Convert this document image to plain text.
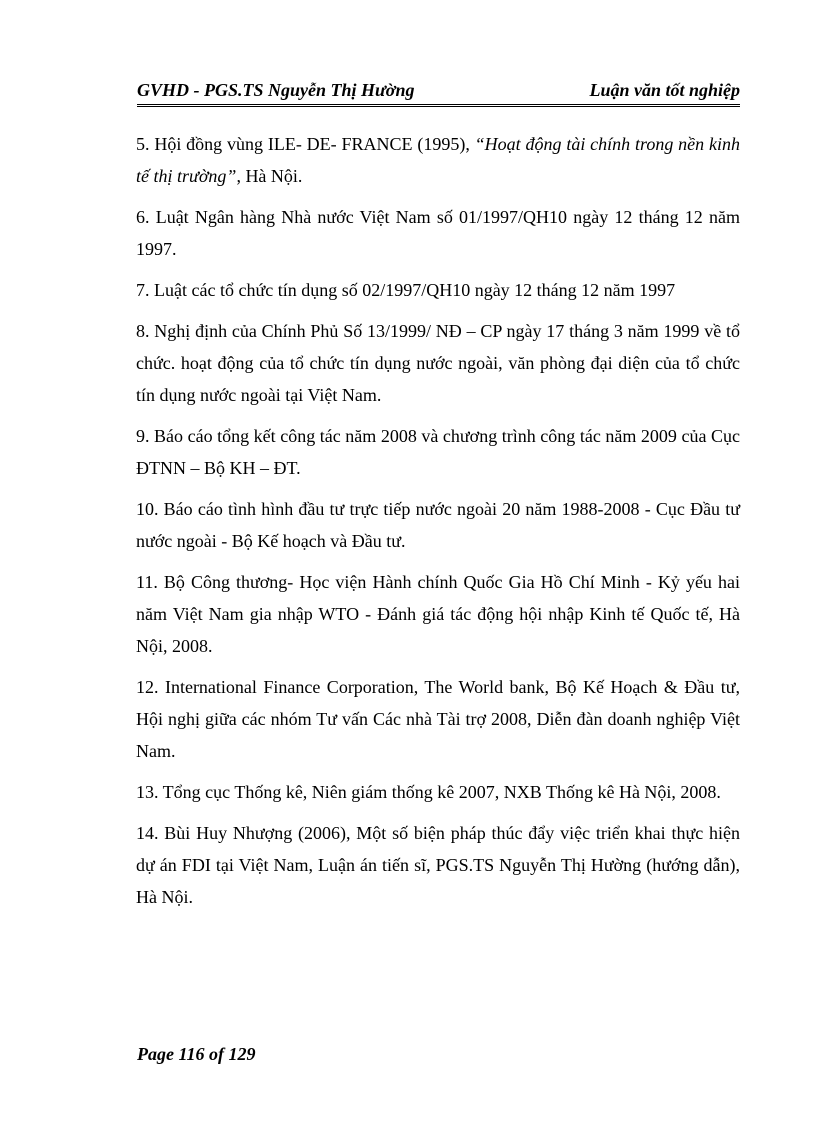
GVHD - PGS.TS Nguyễn Thị Hường	Luận văn tốt nghiệp
5. Hội đồng vùng ILE- DE- FRANCE (1995), “Hoạt động tài chính trong nền kinh tế thị trường”, Hà Nội.
6. Luật Ngân hàng Nhà nước Việt Nam số 01/1997/QH10 ngày 12 tháng 12 năm 1997.
7. Luật các tổ chức tín dụng số 02/1997/QH10 ngày 12 tháng 12 năm 1997
8. Nghị định của Chính Phủ Số 13/1999/ NĐ – CP ngày 17 tháng 3 năm 1999 về tổ chức. hoạt động của tổ chức tín dụng nước ngoài, văn phòng đại diện của tổ chức tín dụng nước ngoài tại Việt Nam.
9. Báo cáo tổng kết công tác năm 2008 và chương trình công tác năm 2009 của Cục ĐTNN – Bộ KH – ĐT.
10. Báo cáo tình hình đầu tư trực tiếp nước ngoài 20 năm 1988-2008 - Cục Đầu tư nước ngoài - Bộ Kế hoạch và Đầu tư.
11. Bộ Công thương- Học viện Hành chính Quốc Gia Hồ Chí Minh - Kỷ yếu hai năm Việt Nam gia nhập WTO - Đánh giá tác động hội nhập Kinh tế Quốc tế, Hà Nội, 2008.
12. International Finance Corporation, The World bank, Bộ Kế Hoạch & Đầu tư, Hội nghị giữa các nhóm Tư vấn Các nhà Tài trợ 2008, Diễn đàn doanh nghiệp Việt Nam.
13. Tổng cục Thống kê, Niên giám thống kê 2007, NXB Thống kê Hà Nội, 2008.
14. Bùi Huy Nhượng (2006), Một số biện pháp thúc đẩy việc triển khai thực hiện dự án FDI tại Việt Nam, Luận án tiến sĩ, PGS.TS Nguyễn Thị Hường (hướng dẫn), Hà Nội.
Page 116 of 129
